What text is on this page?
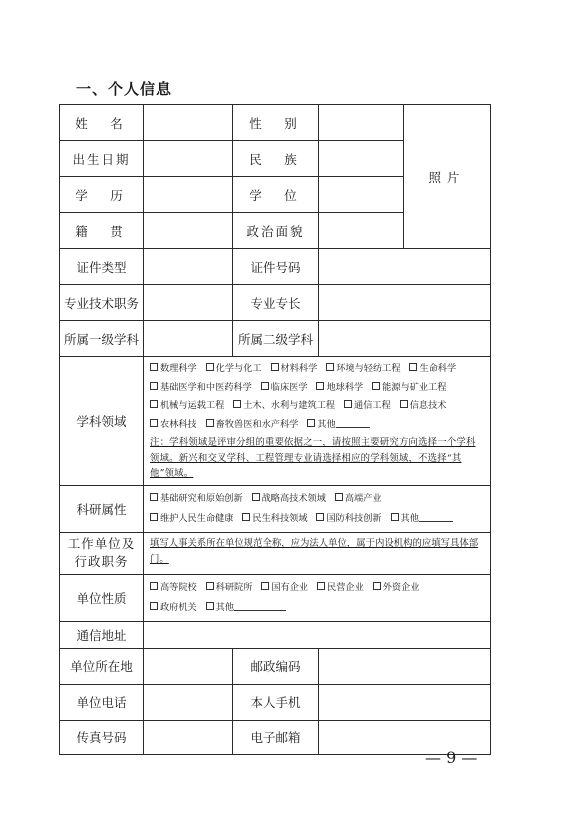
一、个人信息
姓　名		性　别		照片
出生日期		民　族		
学　历		学　位		
籍　贯		政治面貌		
证件类型		证件号码		
专业技术职务		专业专长		
所属一级学科		所属二级学科		
学科领域	数理科学 化学与化工 材料科学 环境与轻纺工程 生命科学
基础医学和中医药科学 临床医学 地球科学 能源与矿业工程
机械与运载工程 土木、水利与建筑工程 通信工程 信息技术
农林科技 畜牧兽医和水产科学 其他
注：学科领域是评审分组的重要依据之一，请按照主要研究方向选择一个学科领域。新兴和交叉学科、工程管理专业请选择相应的学科领域，不选择“其他”领域。			

科研属性	基础研究和原始创新 战略高技术领域 高端产业
维护人民生命健康 民生科技领域 国防科技创新 其他			
工作单位及
行政职务	填写人事关系所在单位规范全称，应为法人单位，属于内设机构的应填写具体部门。			
单位性质	高等院校 科研院所 国有企业 民营企业 外资企业
政府机关 其他			
通信地址				
单位所在地		邮政编码		
单位电话		本人手机		
传真号码		电子邮箱		
— 9 —
